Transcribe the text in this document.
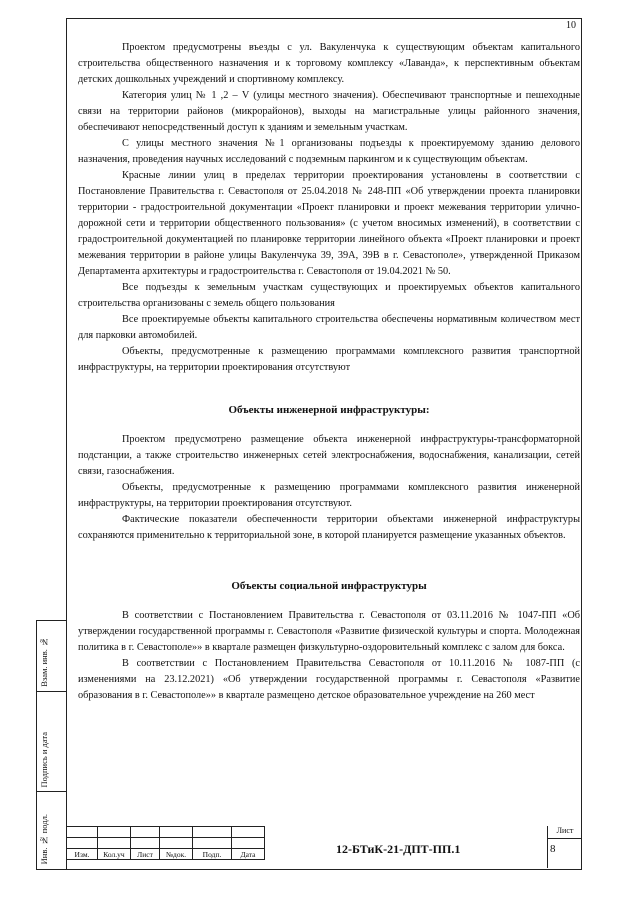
10

Проектом предусмотрены въезды с ул. Вакуленчука к существующим объектам капитального строительства общественного назначения и к торговому комплексу «Лаванда», к перспективным объектам детских дошкольных учреждений и спортивному комплексу.

Категория улиц № 1 ,2 – V (улицы местного значения). Обеспечивают транспортные и пешеходные связи на территории районов (микрорайонов), выходы на магистральные улицы районного значения, обеспечивают непосредственный доступ к зданиям и земельным участкам.

С улицы местного значения №1 организованы подъезды к проектируемому зданию делового назначения, проведения научных исследований с подземным паркингом и к существующим объектам.

Красные линии улиц в пределах территории проектирования установлены в соответствии с Постановление Правительства г. Севастополя от 25.04.2018 № 248-ПП «Об утверждении проекта планировки территории - градостроительной документации «Проект планировки и проект межевания территории улично-дорожной сети и территории общественного пользования» (с учетом вносимых изменений), в соответствии с градостроительной документацией по планировке территории линейного объекта «Проект планировки и проект межевания территории в районе улицы Вакуленчука 39, 39А, 39В в г. Севастополе», утвержденной Приказом Департамента архитектуры и градостроительства г. Севастополя от 19.04.2021 № 50.

Все подъезды к земельным участкам существующих и проектируемых объектов капитального строительства организованы с земель общего пользования

Все проектируемые объекты капитального строительства обеспечены нормативным количеством мест для парковки автомобилей.

Объекты, предусмотренные к размещению программами комплексного развития транспортной инфраструктуры, на территории проектирования отсутствуют

Объекты инженерной инфраструктуры:

Проектом предусмотрено размещение объекта инженерной инфраструктуры-трансформаторной подстанции, а также строительство инженерных сетей электроснабжения, водоснабжения, канализации, сетей связи, газоснабжения.

Объекты, предусмотренные к размещению программами комплексного развития инженерной инфраструктуры, на территории проектирования отсутствуют.

Фактические показатели обеспеченности территории объектами инженерной инфраструктуры сохраняются применительно к территориальной зоне, в которой планируется размещение указанных объектов.

Объекты социальной инфраструктуры

В соответствии с Постановлением Правительства г. Севастополя от 03.11.2016 № 1047-ПП «Об утверждении государственной программы г. Севастополя «Развитие физической культуры и спорта. Молодежная политика в г. Севастополе»» в квартале размещен физкультурно-оздоровительный комплекс с залом для бокса.

В соответствии с Постановлением Правительства Севастополя от 10.11.2016 № 1087-ПП (с изменениями на 23.12.2021) «Об утверждении государственной программы г. Севастополя «Развитие образования в г. Севастополе»» в квартале размещено детское образовательное учреждение на 260 мест

Взам. инв. №
Подпись и дата
Инв. № подл.

						Изм.	Кол.уч	Лист	№док.	Подп.	Дата	12-БТиК-21-ДПТ-ПП.1
Лист
8
